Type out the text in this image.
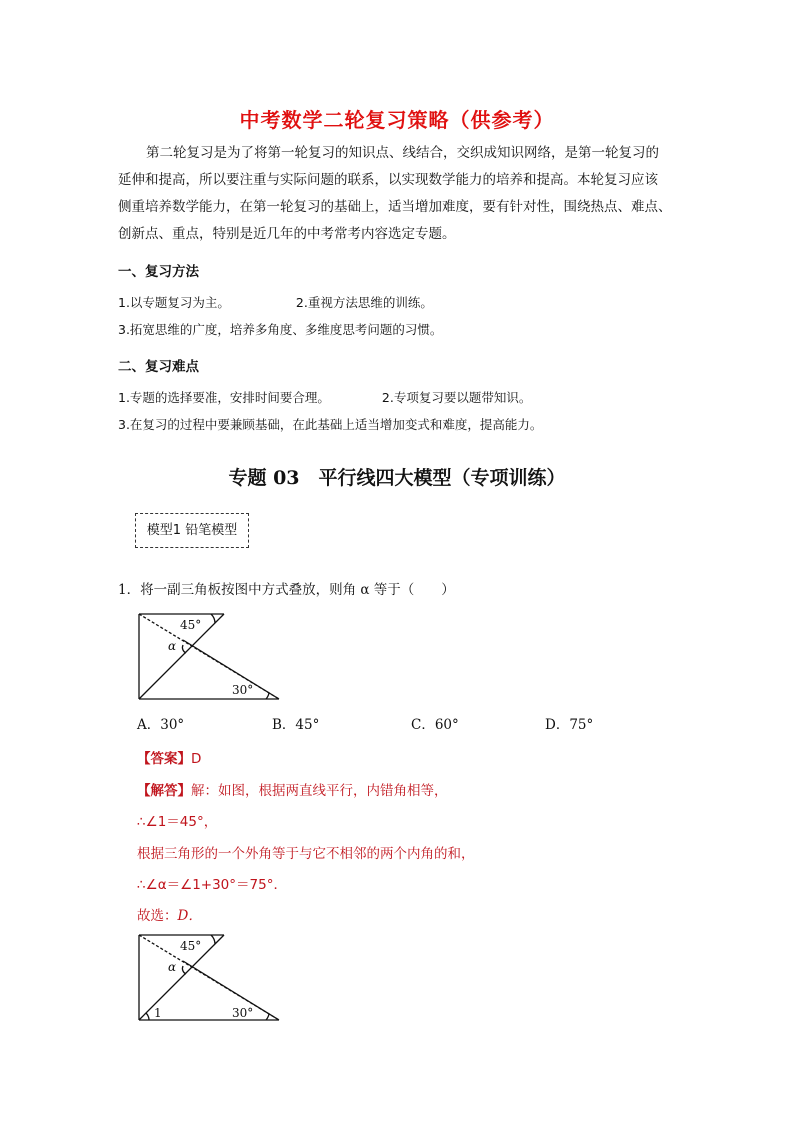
中考数学二轮复习策略（供参考）
第二轮复习是为了将第一轮复习的知识点、线结合，交织成知识网络，是第一轮复习的
延伸和提高，所以要注重与实际问题的联系，以实现数学能力的培养和提高。本轮复习应该
侧重培养数学能力，在第一轮复习的基础上，适当增加难度，要有针对性，围绕热点、难点、
创新点、重点，特别是近几年的中考常考内容选定专题。
一、复习方法
1.以专题复习为主。	2.重视方法思维的训练。
3.拓宽思维的广度，培养多角度、多维度思考问题的习惯。
二、复习难点
1.专题的选择要准，安排时间要合理。	2.专项复习要以题带知识。
3.在复习的过程中要兼顾基础，在此基础上适当增加变式和难度，提高能力。
专题 03　平行线四大模型（专项训练）
模型1 铅笔模型
1．将一副三角板按图中方式叠放，则角 α 等于（　　）
45°
α
30°
A．30°	B．45°	C．60°	D．75°
【答案】D
【解答】解：如图，根据两直线平行，内错角相等，
∴∠1＝45°，
根据三角形的一个外角等于与它不相邻的两个内角的和，
∴∠α＝∠1+30°＝75°．
故选：D．
45°
α
1	30°
